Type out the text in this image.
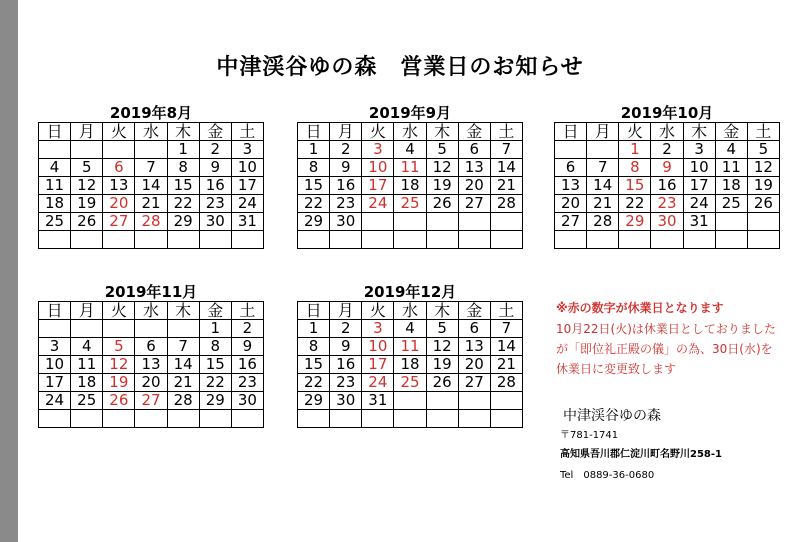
中津渓谷ゆの森　営業日のお知らせ
2019年8月
日	月	火	水	木	金	土
				1	2	3
4	5	6	7	8	9	10
11	12	13	14	15	16	17
18	19	20	21	22	23	24
25	26	27	28	29	30	31

2019年9月
日	月	火	水	木	金	土
1	2	3	4	5	6	7
8	9	10	11	12	13	14
15	16	17	18	19	20	21
22	23	24	25	26	27	28
29	30					

2019年10月
日	月	火	水	木	金	土
		1	2	3	4	5
6	7	8	9	10	11	12
13	14	15	16	17	18	19
20	21	22	23	24	25	26
27	28	29	30	31		

2019年11月
日	月	火	水	木	金	土
					1	2
3	4	5	6	7	8	9
10	11	12	13	14	15	16
17	18	19	20	21	22	23
24	25	26	27	28	29	30

2019年12月
日	月	火	水	木	金	土
1	2	3	4	5	6	7
8	9	10	11	12	13	14
15	16	17	18	19	20	21
22	23	24	25	26	27	28
29	30	31				

※赤の数字が休業日となります
10月22日(火)は休業日としておりましたが「即位礼正殿の儀」の為、30日(水)を休業日に変更致します
中津渓谷ゆの森
〒781-1741
高知県吾川郡仁淀川町名野川258-1
Tel　0889-36-0680
